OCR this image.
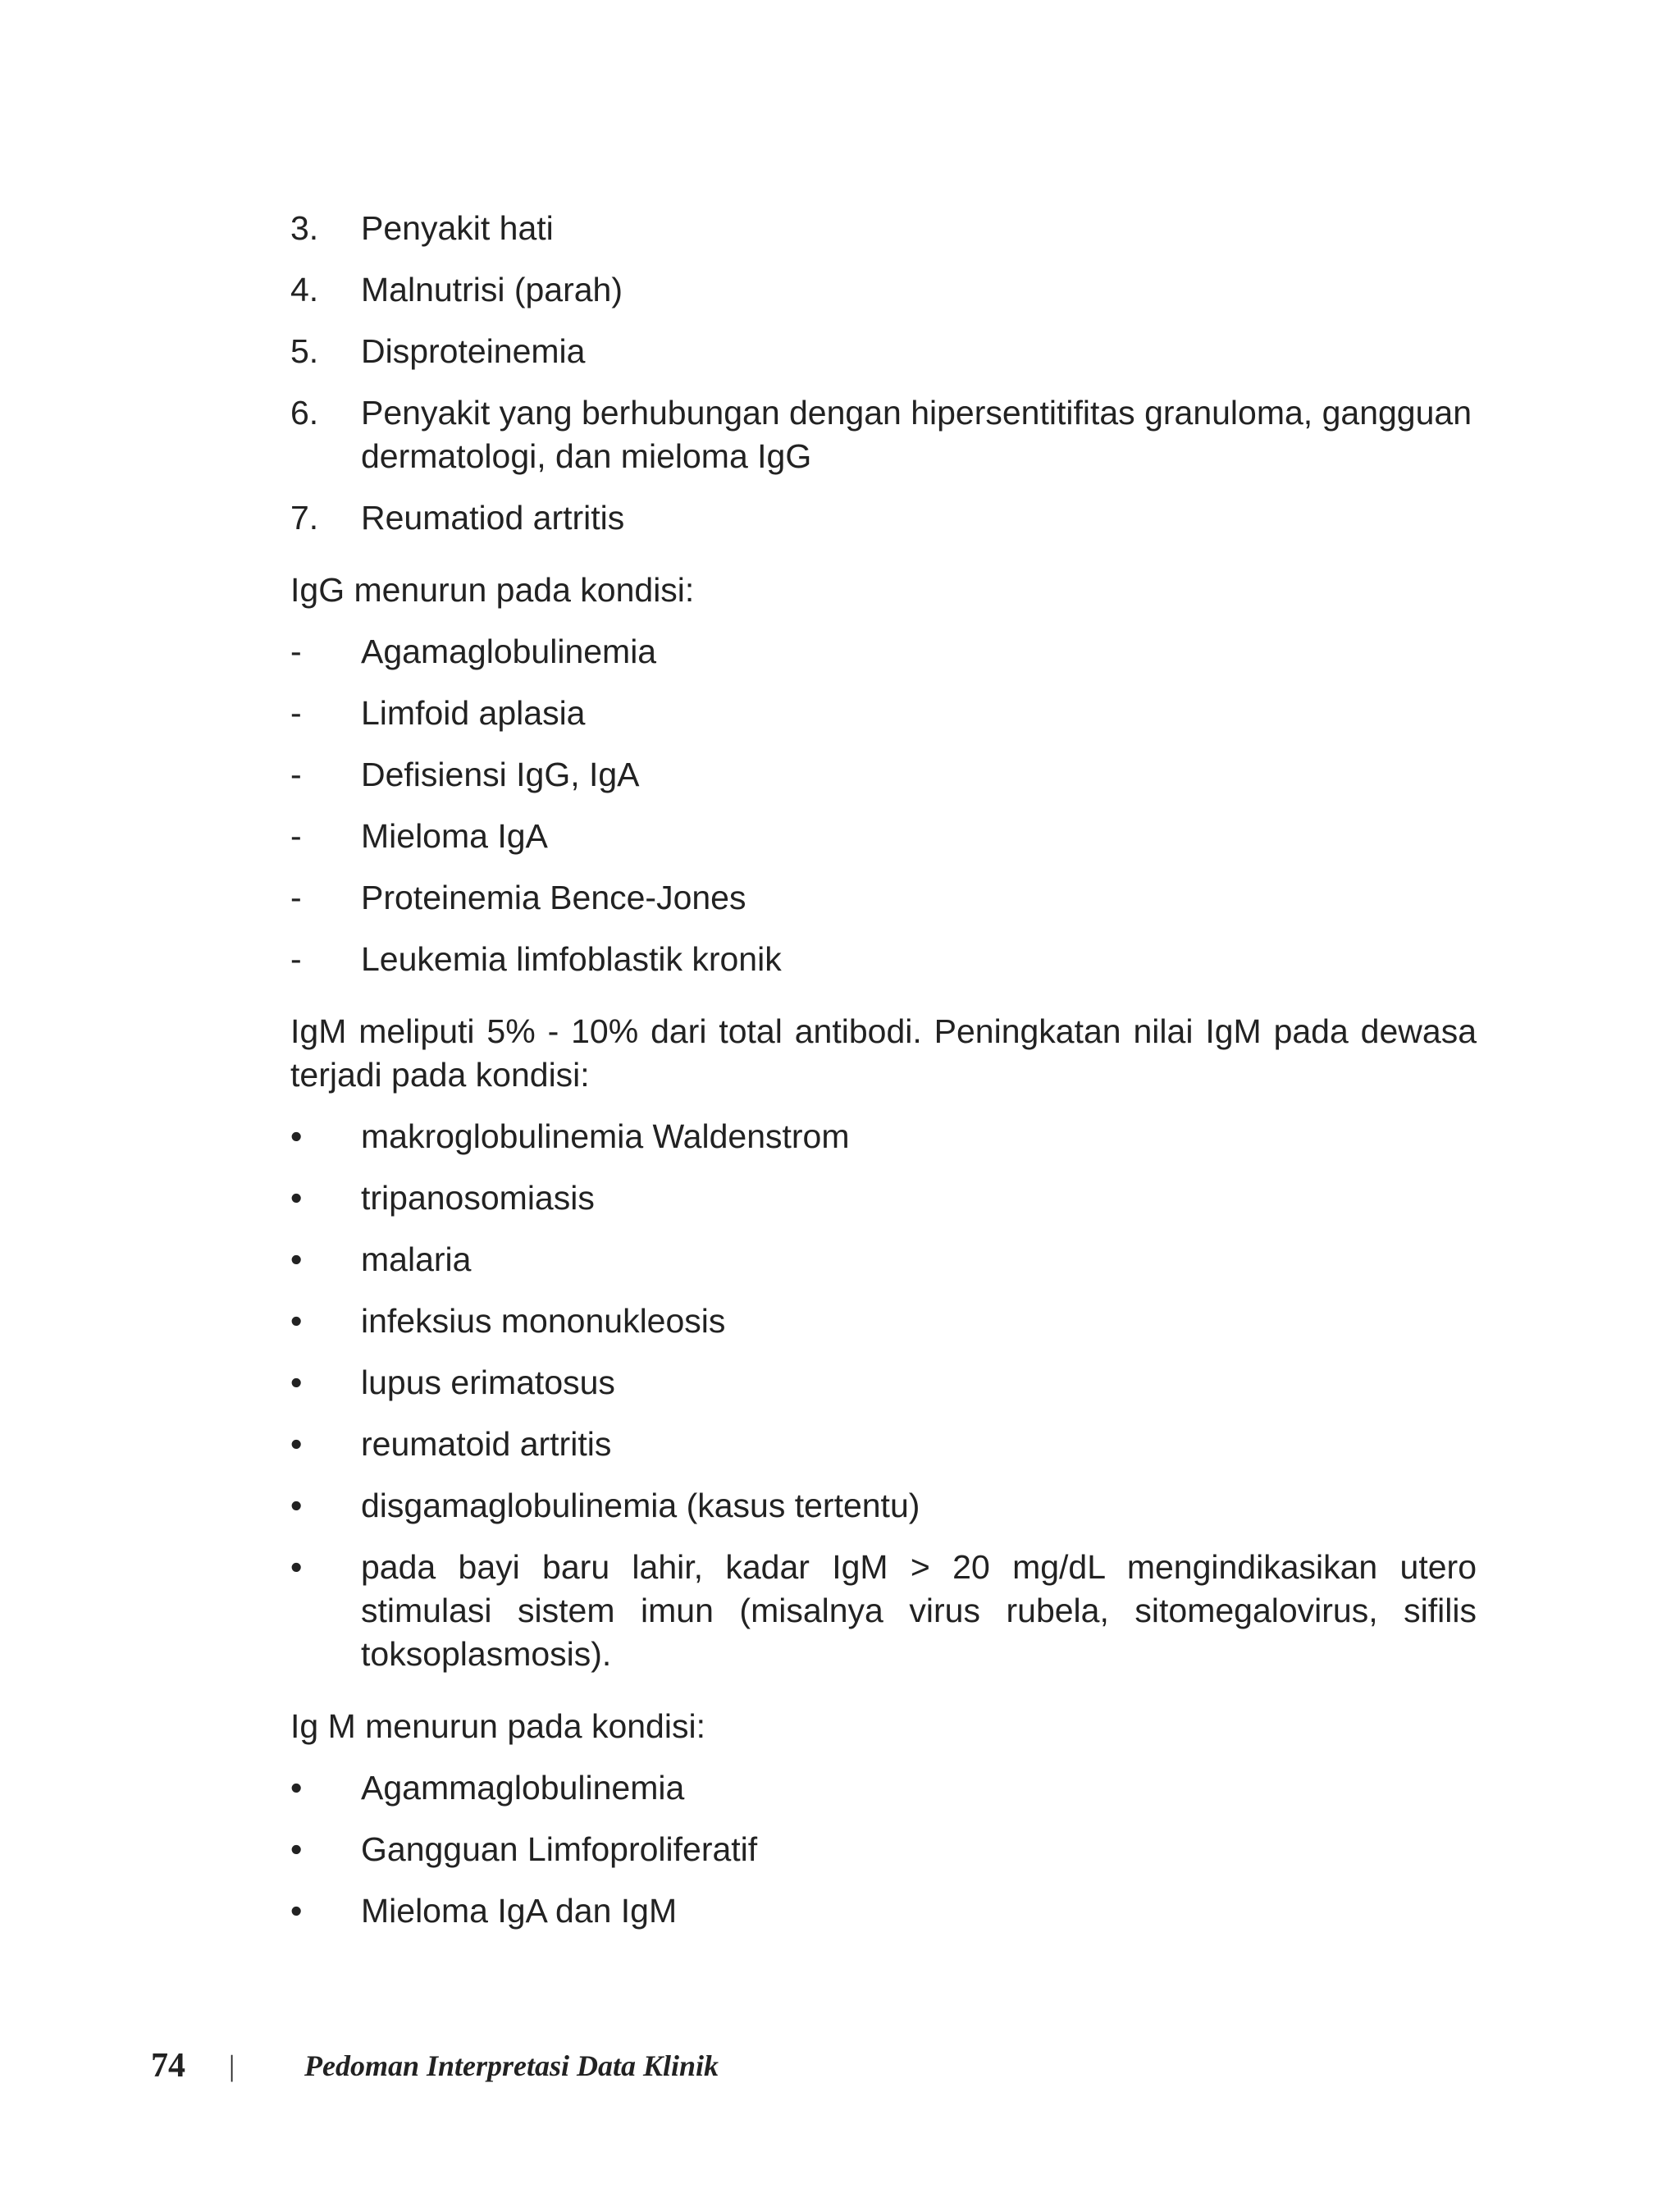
3.	Penyakit hati
4.	Malnutrisi (parah)
5.	Disproteinemia
6.	Penyakit yang berhubungan dengan hipersentitifitas granuloma, gangguan dermatologi, dan mieloma IgG
7.	Reumatiod artritis

IgG menurun pada kondisi:

-	Agamaglobulinemia
-	Limfoid aplasia
-	Defisiensi IgG, IgA
-	Mieloma IgA
-	Proteinemia Bence-Jones
-	Leukemia limfoblastik kronik

IgM meliputi 5% - 10% dari total antibodi. Peningkatan nilai IgM pada dewasa terjadi pada kondisi:

•	makroglobulinemia Waldenstrom
•	tripanosomiasis
•	malaria
•	infeksius mononukleosis
•	lupus erimatosus
•	reumatoid artritis
•	disgamaglobulinemia (kasus tertentu)
•	pada bayi baru lahir, kadar IgM > 20 mg/dL mengindikasikan utero stimulasi sistem imun (misalnya virus rubela, sitomegalovirus, sifilis toksoplasmosis).

Ig M menurun pada kondisi:

•	Agammaglobulinemia
•	Gangguan Limfoproliferatif
•	Mieloma IgA dan IgM
74	|	Pedoman Interpretasi Data Klinik
